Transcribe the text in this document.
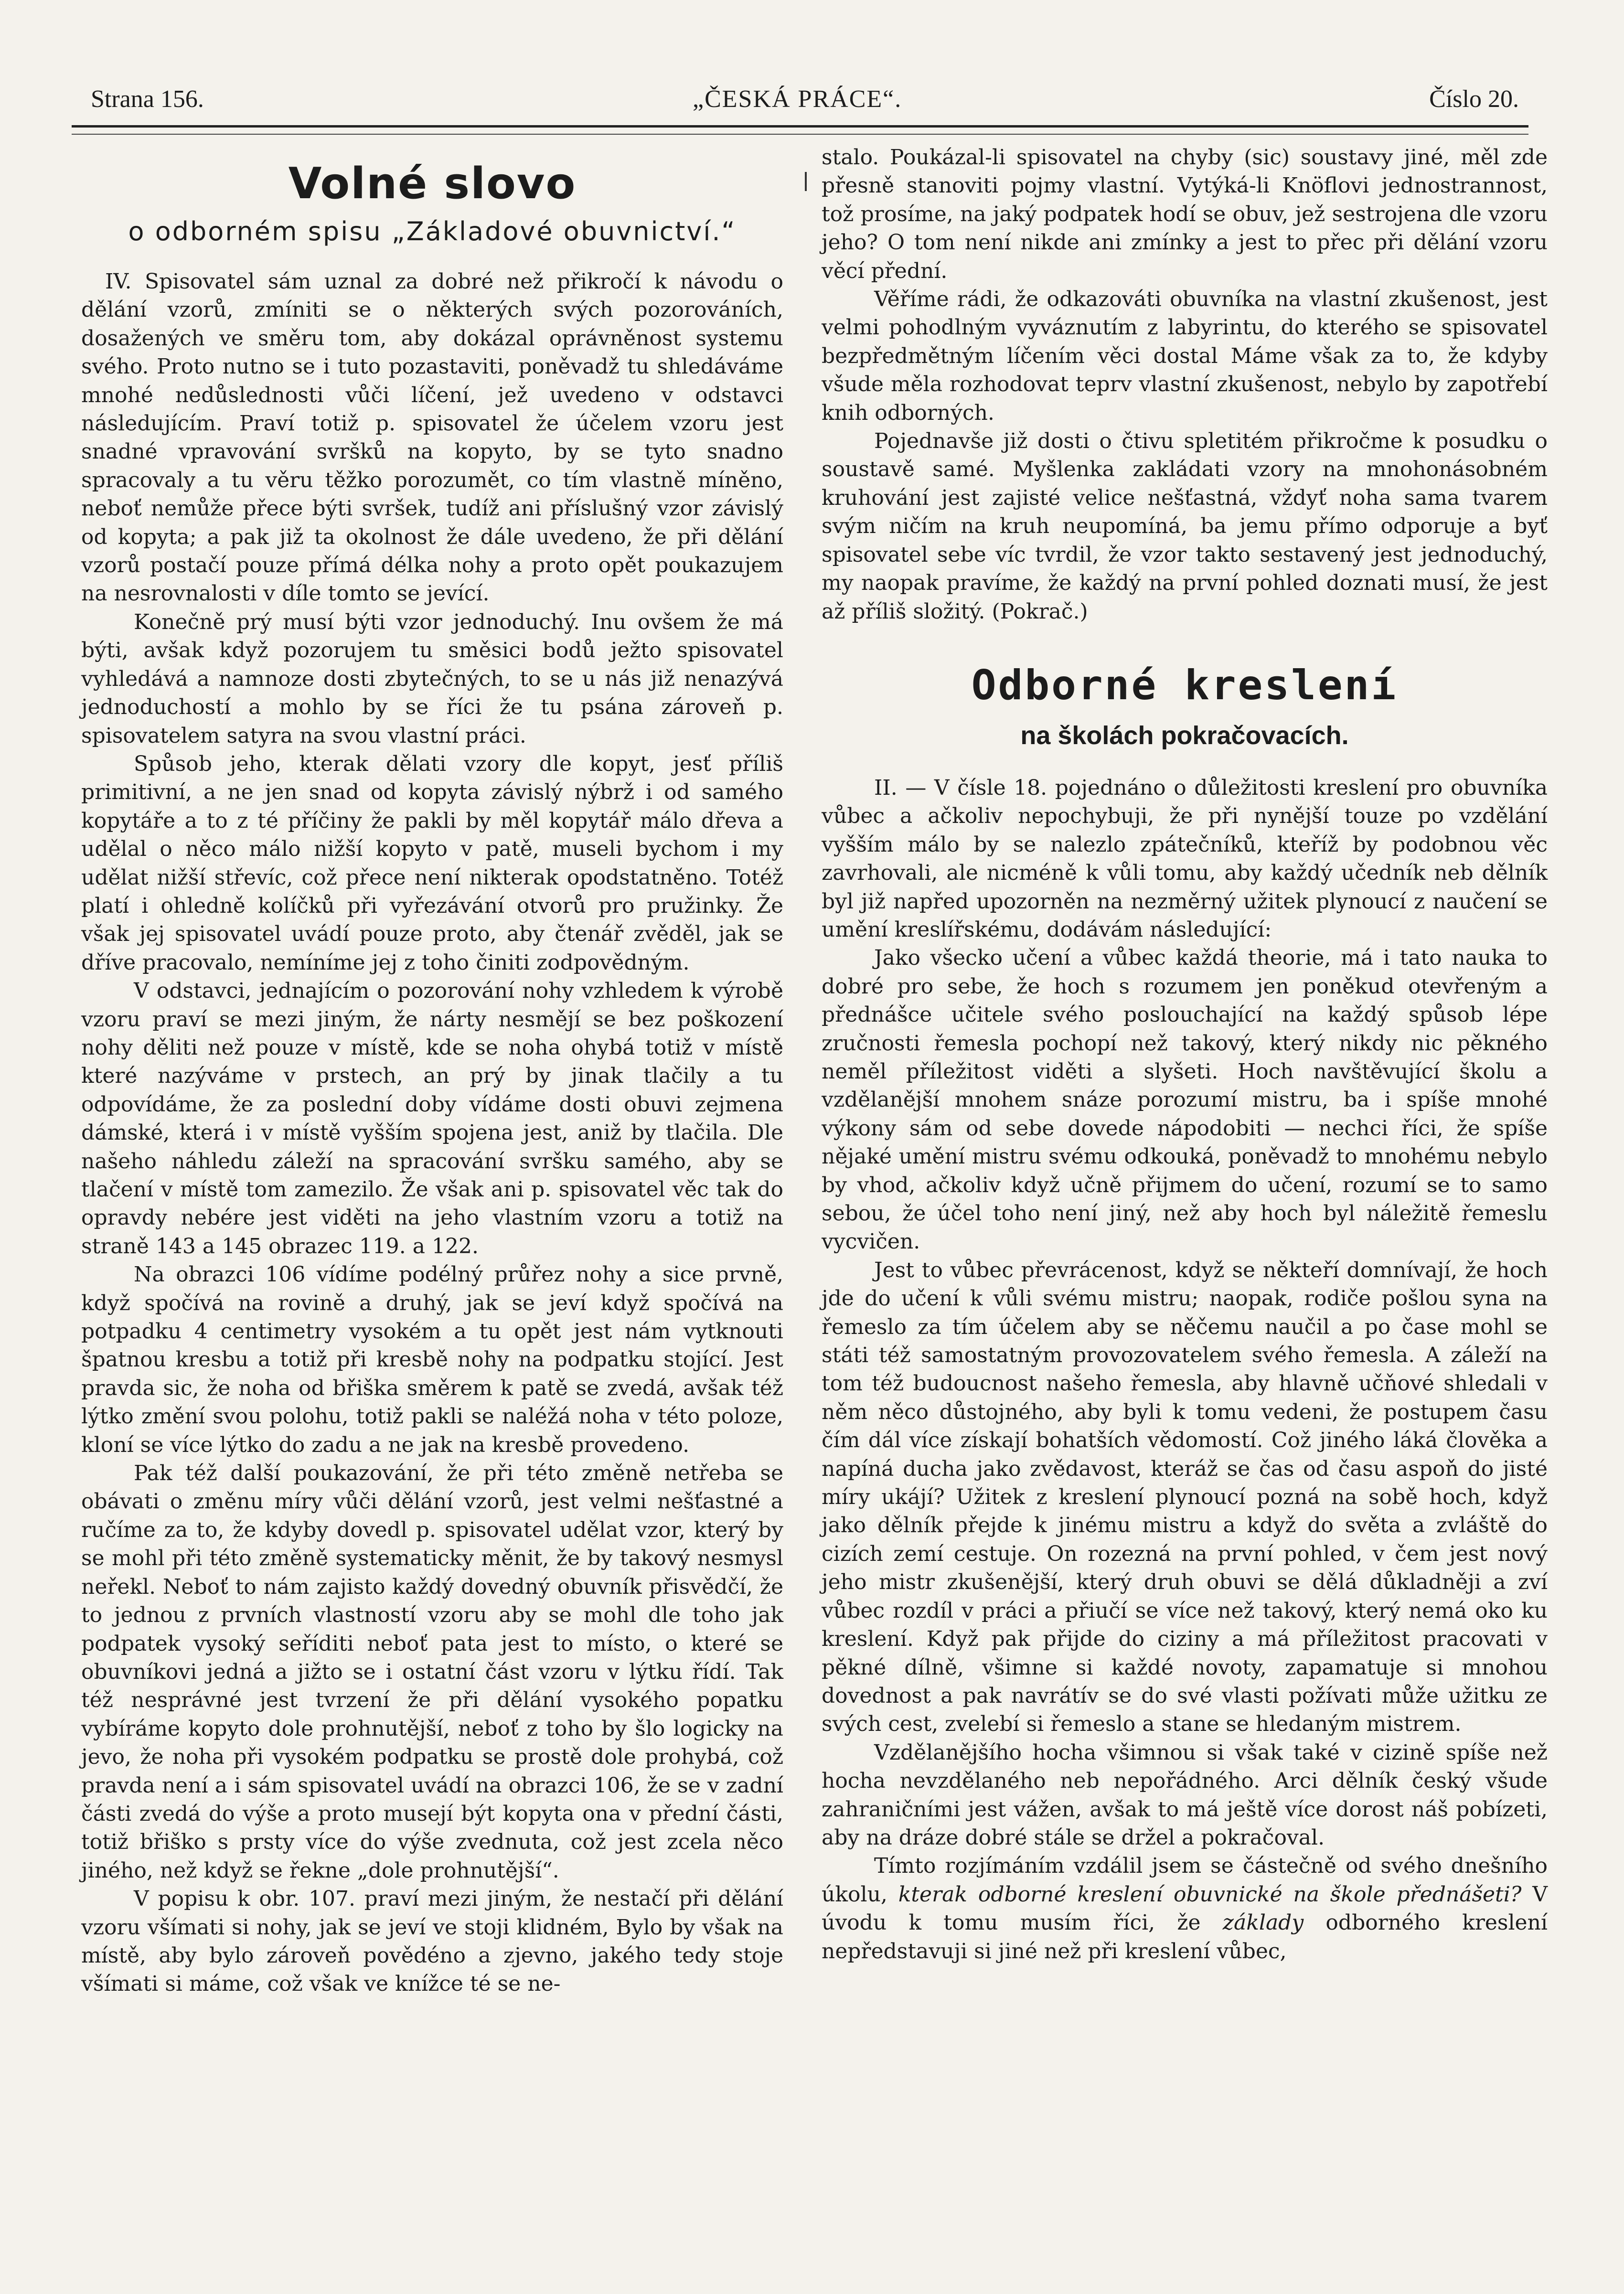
Strana 156.	„ČESKÁ PRÁCE“.	Číslo 20.
Volné slovo
o odborném spisu „Základové obuvnictví.“

IV. Spisovatel sám uznal za dobré než přikročí k návodu o dělání vzorů, zmíniti se o některých svých pozorováních, dosažených ve směru tom, aby dokázal oprávněnost systemu svého. Proto nutno se i tuto pozastaviti, poněvadž tu shledáváme mnohé nedůslednosti vůči líčení, jež uvedeno v odstavci následujícím. Praví totiž p. spisovatel že účelem vzoru jest snadné vpravování svršků na kopyto, by se tyto snadno spracovaly a tu věru těžko porozumět, co tím vlastně míněno, neboť nemůže přece býti svršek, tudíž ani příslušný vzor závislý od kopyta; a pak již ta okolnost že dále uvedeno, že při dělání vzorů postačí pouze přímá délka nohy a proto opět poukazujem na nesrovnalosti v díle tomto se jevící.

Konečně prý musí býti vzor jednoduchý. Inu ovšem že má býti, avšak když pozorujem tu směsici bodů ježto spisovatel vyhledává a namnoze dosti zbytečných, to se u nás již nenazývá jednoduchostí a mohlo by se říci že tu psána zároveň p. spisovatelem satyra na svou vlastní práci.

Spůsob jeho, kterak dělati vzory dle kopyt, jesť příliš primitivní, a ne jen snad od kopyta závislý nýbrž i od samého kopytáře a to z té příčiny že pakli by měl kopytář málo dřeva a udělal o něco málo nižší kopyto v patě, museli bychom i my udělat nižší střevíc, což přece není nikterak opodstatněno. Totéž platí i ohledně kolíčků při vyřezávání otvorů pro pružinky. Že však jej spisovatel uvádí pouze proto, aby čtenář zvěděl, jak se dříve pracovalo, nemíníme jej z toho činiti zodpovědným.

V odstavci, jednajícím o pozorování nohy vzhledem k výrobě vzoru praví se mezi jiným, že nárty nesmějí se bez poškození nohy děliti než pouze v místě, kde se noha ohybá totiž v místě které nazýváme v prstech, an prý by jinak tlačily a tu odpovídáme, že za poslední doby vídáme dosti obuvi zejmena dámské, která i v místě vyšším spojena jest, aniž by tlačila. Dle našeho náhledu záleží na spracování svršku samého, aby se tlačení v místě tom zamezilo. Že však ani p. spisovatel věc tak do opravdy nebére jest viděti na jeho vlastním vzoru a totiž na straně 143 a 145 obrazec 119. a 122.

Na obrazci 106 vídíme podélný průřez nohy a sice prvně, když spočívá na rovině a druhý, jak se jeví když spočívá na potpadku 4 centimetry vysokém a tu opět jest nám vytknouti špatnou kresbu a totiž při kresbě nohy na podpatku stojící. Jest pravda sic, že noha od břiška směrem k patě se zvedá, avšak též lýtko změní svou polohu, totiž pakli se naléžá noha v této poloze, kloní se více lýtko do zadu a ne jak na kresbě provedeno.

Pak též další poukazování, že při této změně netřeba se obávati o změnu míry vůči dělání vzorů, jest velmi nešťastné a ručíme za to, že kdyby dovedl p. spisovatel udělat vzor, který by se mohl při této změně systematicky měnit, že by takový nesmysl neřekl. Neboť to nám zajisto každý dovedný obuvník přisvědčí, že to jednou z prvních vlastností vzoru aby se mohl dle toho jak podpatek vysoký seříditi neboť pata jest to místo, o které se obuvníkovi jedná a jižto se i ostatní část vzoru v lýtku řídí. Tak též nesprávné jest tvrzení že při dělání vysokého popatku vybíráme kopyto dole prohnutější, neboť z toho by šlo logicky na jevo, že noha při vysokém podpatku se prostě dole prohybá, což pravda není a i sám spisovatel uvádí na obrazci 106, že se v zadní části zvedá do výše a proto musejí být kopyta ona v přední části, totiž břiško s prsty více do výše zvednuta, což jest zcela něco jiného, než když se řekne „dole prohnutější“.

V popisu k obr. 107. praví mezi jiným, že nestačí při dělání vzoru všímati si nohy, jak se jeví ve stoji klidném, Bylo by však na místě, aby bylo zároveň povědéno a zjevno, jakého tedy stoje všímati si máme, což však ve knížce té se ne-

stalo. Poukázal-li spisovatel na chyby (sic) soustavy jiné, měl zde přesně stanoviti pojmy vlastní. Vytýká-li Knöflovi jednostrannost, tož prosíme, na jaký podpatek hodí se obuv, jež sestrojena dle vzoru jeho? O tom není nikde ani zmínky a jest to přec při dělání vzoru věcí přední.

Věříme rádi, že odkazováti obuvníka na vlastní zkušenost, jest velmi pohodlným vyváznutím z labyrintu, do kterého se spisovatel bezpředmětným líčením věci dostal Máme však za to, že kdyby všude měla rozhodovat teprv vlastní zkušenost, nebylo by zapotřebí knih odborných.

Pojednavše již dosti o čtivu spletitém přikročme k posudku o soustavě samé. Myšlenka zakládati vzory na mnohonásobném kruhování jest zajisté velice nešťastná, vždyť noha sama tvarem svým ničím na kruh neupomíná, ba jemu přímo odporuje a byť spisovatel sebe víc tvrdil, že vzor takto sestavený jest jednoduchý, my naopak pravíme, že každý na první pohled doznati musí, že jest až příliš složitý. (Pokrač.)

Odborné kreslení
na školách pokračovacích.

II. — V čísle 18. pojednáno o důležitosti kreslení pro obuvníka vůbec a ačkoliv nepochybuji, že při nynější touze po vzdělání vyšším málo by se nalezlo zpátečníků, kteříž by podobnou věc zavrhovali, ale nicméně k vůli tomu, aby každý učedník neb dělník byl již napřed upozorněn na nezměrný užitek plynoucí z naučení se umění kreslířskému, dodávám následující:

Jako všecko učení a vůbec každá theorie, má i tato nauka to dobré pro sebe, že hoch s rozumem jen poněkud otevřeným a přednášce učitele svého poslouchající na každý spůsob lépe zručnosti řemesla pochopí než takový, který nikdy nic pěkného neměl příležitost viděti a slyšeti. Hoch navštěvující školu a vzdělanější mnohem snáze porozumí mistru, ba i spíše mnohé výkony sám od sebe dovede nápodobiti — nechci říci, že spíše nějaké umění mistru svému odkouká, poněvadž to mnohému nebylo by vhod, ačkoliv když učně přijmem do učení, rozumí se to samo sebou, že účel toho není jiný, než aby hoch byl náležitě řemeslu vycvičen.

Jest to vůbec převrácenost, když se někteří domnívají, že hoch jde do učení k vůli svému mistru; naopak, rodiče pošlou syna na řemeslo za tím účelem aby se něčemu naučil a po čase mohl se státi též samostatným provozovatelem svého řemesla. A záleží na tom též budoucnost našeho řemesla, aby hlavně učňové shledali v něm něco důstojného, aby byli k tomu vedeni, že postupem času čím dál více získají bohatších vědomostí. Což jiného láká člověka a napíná ducha jako zvědavost, kteráž se čas od času aspoň do jisté míry ukájí? Užitek z kreslení plynoucí pozná na sobě hoch, když jako dělník přejde k jinému mistru a když do světa a zvláště do cizích zemí cestuje. On rozezná na první pohled, v čem jest nový jeho mistr zkušenější, který druh obuvi se dělá důkladněji a zví vůbec rozdíl v práci a přiučí se více než takový, který nemá oko ku kreslení. Když pak přijde do ciziny a má příležitost pracovati v pěkné dílně, všimne si každé novoty, zapamatuje si mnohou dovednost a pak navrátív se do své vlasti požívati může užitku ze svých cest, zvelebí si řemeslo a stane se hledaným mistrem.

Vzdělanějšího hocha všimnou si však také v cizině spíše než hocha nevzdělaného neb nepořádného. Arci dělník český všude zahraničními jest vážen, avšak to má ještě více dorost náš pobízeti, aby na dráze dobré stále se držel a pokračoval.

Tímto rozjímáním vzdálil jsem se částečně od svého dnešního úkolu, kterak odborné kreslení obuvnické na škole přednášeti? V úvodu k tomu musím říci, že základy odborného kreslení nepředstavuji si jiné než při kreslení vůbec,
